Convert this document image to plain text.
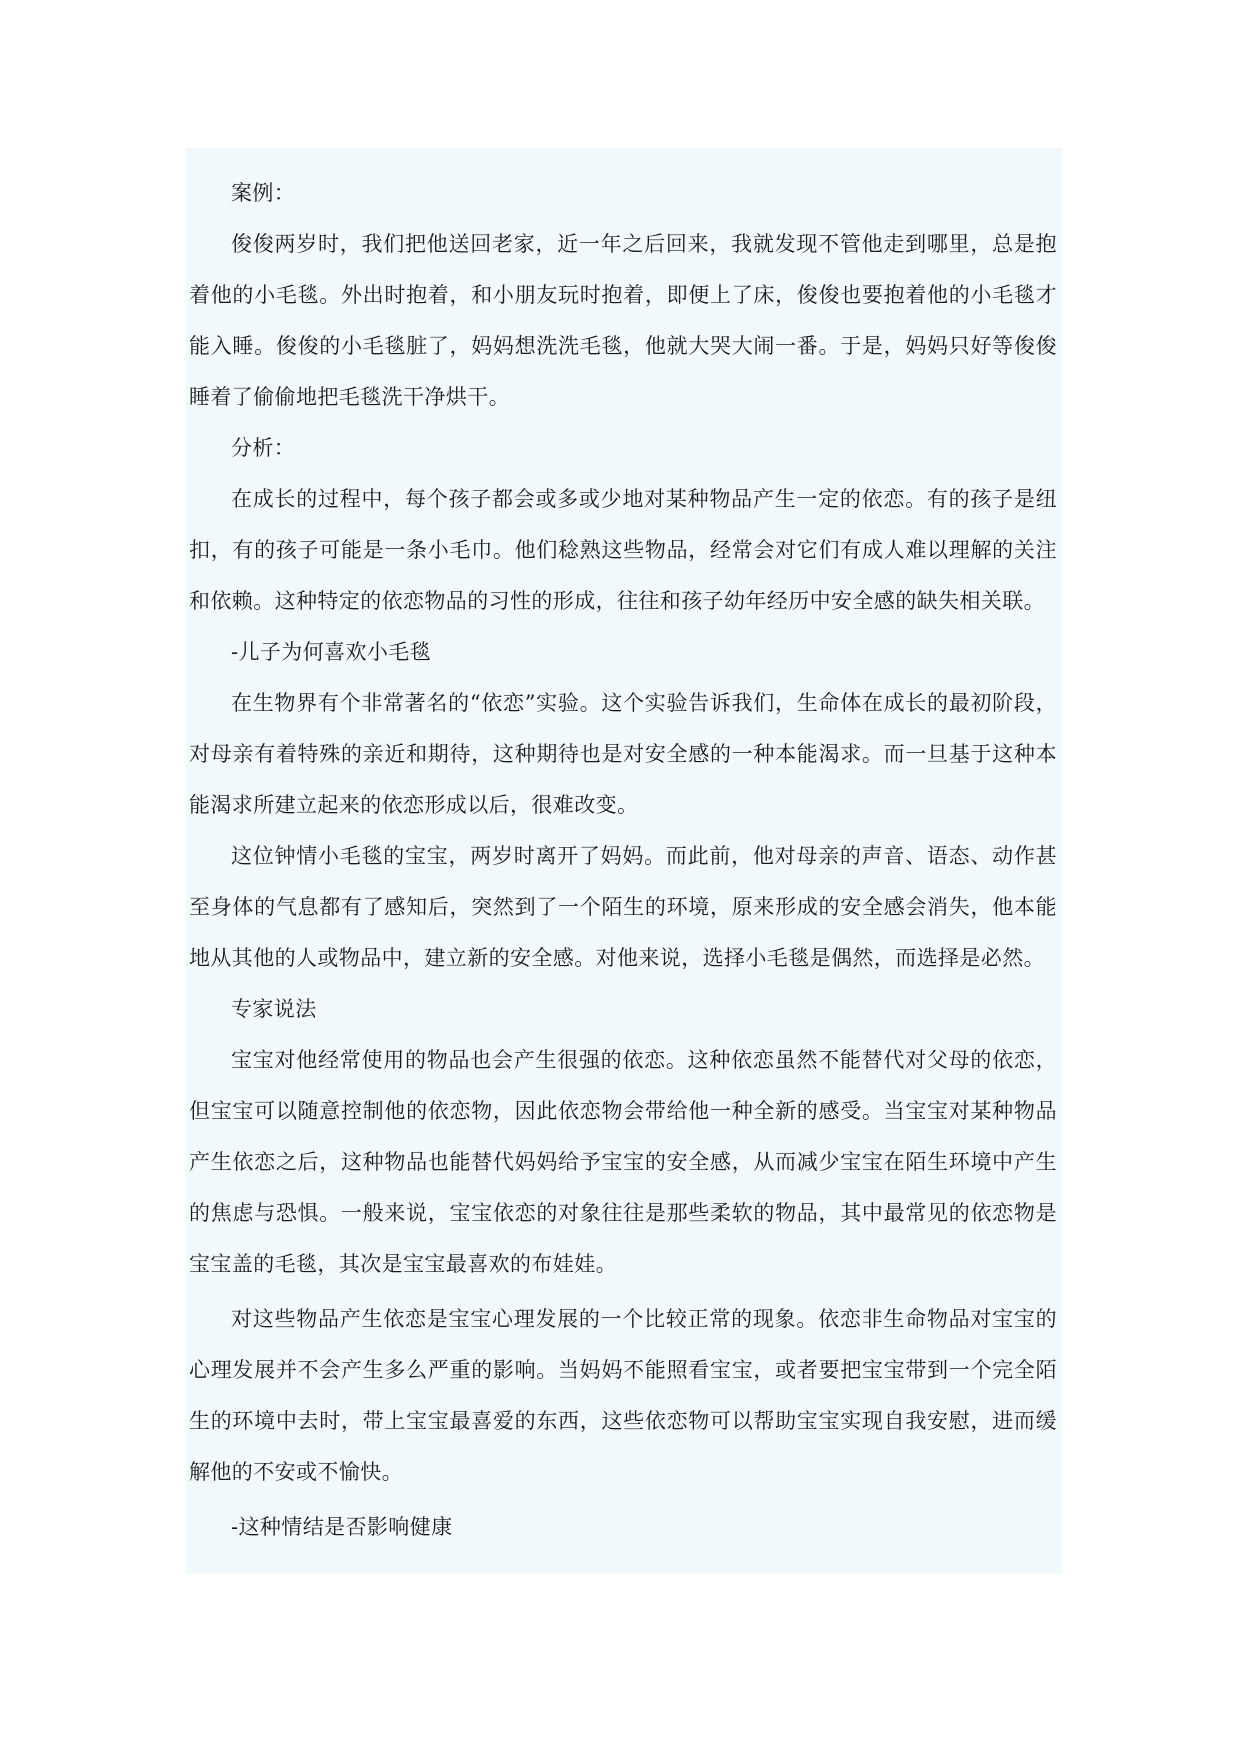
案例：

俊俊两岁时，我们把他送回老家，近一年之后回来，我就发现不管他走到哪里，总是抱着他的小毛毯。外出时抱着，和小朋友玩时抱着，即便上了床，俊俊也要抱着他的小毛毯才能入睡。俊俊的小毛毯脏了，妈妈想洗洗毛毯，他就大哭大闹一番。于是，妈妈只好等俊俊睡着了偷偷地把毛毯洗干净烘干。

分析：

在成长的过程中，每个孩子都会或多或少地对某种物品产生一定的依恋。有的孩子是纽扣，有的孩子可能是一条小毛巾。他们稔熟这些物品，经常会对它们有成人难以理解的关注和依赖。这种特定的依恋物品的习性的形成，往往和孩子幼年经历中安全感的缺失相关联。

-儿子为何喜欢小毛毯

在生物界有个非常著名的“依恋”实验。这个实验告诉我们，生命体在成长的最初阶段，对母亲有着特殊的亲近和期待，这种期待也是对安全感的一种本能渴求。而一旦基于这种本能渴求所建立起来的依恋形成以后，很难改变。

这位钟情小毛毯的宝宝，两岁时离开了妈妈。而此前，他对母亲的声音、语态、动作甚至身体的气息都有了感知后，突然到了一个陌生的环境，原来形成的安全感会消失，他本能地从其他的人或物品中，建立新的安全感。对他来说，选择小毛毯是偶然，而选择是必然。

专家说法

宝宝对他经常使用的物品也会产生很强的依恋。这种依恋虽然不能替代对父母的依恋，但宝宝可以随意控制他的依恋物，因此依恋物会带给他一种全新的感受。当宝宝对某种物品产生依恋之后，这种物品也能替代妈妈给予宝宝的安全感，从而减少宝宝在陌生环境中产生的焦虑与恐惧。一般来说，宝宝依恋的对象往往是那些柔软的物品，其中最常见的依恋物是宝宝盖的毛毯，其次是宝宝最喜欢的布娃娃。

对这些物品产生依恋是宝宝心理发展的一个比较正常的现象。依恋非生命物品对宝宝的心理发展并不会产生多么严重的影响。当妈妈不能照看宝宝，或者要把宝宝带到一个完全陌生的环境中去时，带上宝宝最喜爱的东西，这些依恋物可以帮助宝宝实现自我安慰，进而缓解他的不安或不愉快。

-这种情结是否影响健康
